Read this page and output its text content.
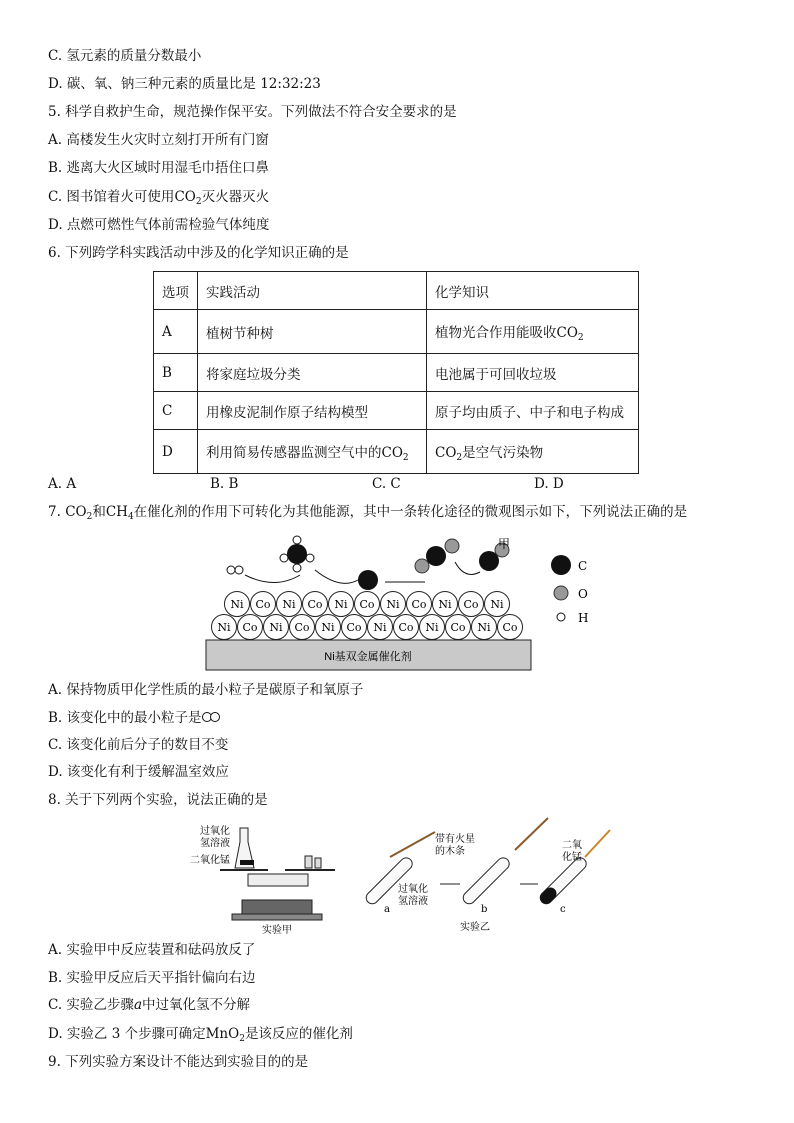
C. 氢元素的质量分数最小
D. 碳、氧、钠三种元素的质量比是 12:32:23
5. 科学自救护生命，规范操作保平安。下列做法不符合安全要求的是
A. 高楼发生火灾时立刻打开所有门窗
B. 逃离大火区域时用湿毛巾捂住口鼻
C. 图书馆着火可使用$CO_2$灭火器灭火
D. 点燃可燃性气体前需检验气体纯度
6. 下列跨学科实践活动中涉及的化学知识正确的是
选项	实践活动	化学知识
A	植树节种树	植物光合作用能吸收$CO_2$
B	将家庭垃圾分类	电池属于可回收垃圾
C	用橡皮泥制作原子结构模型	原子均由质子、中子和电子构成
D	利用简易传感器监测空气中的$CO_2$	$CO_2$是空气污染物
A. A	B. B	C. C	D. D
7. $CO_2$和$CH_4$在催化剂的作用下可转化为其他能源，其中一条转化途径的微观图示如下，下列说法正确的是
Ni基双金属催化剂
Ni Co Ni Co Ni Co Ni Co Ni Co Ni Co
Ni Co Ni Co Ni Co Ni Co Ni Co Ni
甲
C
O
H
A. 保持物质甲化学性质的最小粒子是碳原子和氧原子
B. 该变化中的最小粒子是
C. 该变化前后分子的数目不变
D. 该变化有利于缓解温室效应
8. 关于下列两个实验，说法正确的是
过氧化
氢溶液
二氧化锰
实验甲
带有火星
的木条
二氧
化锰
过氧化
氢溶液
a	b	c
实验乙
A. 实验甲中反应装置和砝码放反了
B. 实验甲反应后天平指针偏向右边
C. 实验乙步骤a中过氧化氢不分解
D. 实验乙 3 个步骤可确定MnO$_2$是该反应的催化剂
9. 下列实验方案设计不能达到实验目的的是
